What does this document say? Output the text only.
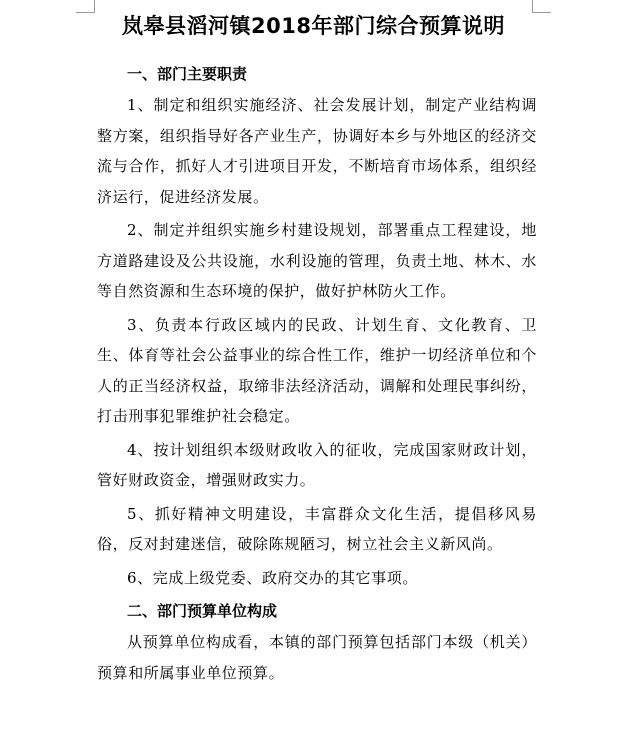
岚皋县滔河镇2018年部门综合预算说明
一、部门主要职责

1、制定和组织实施经济、社会发展计划，制定产业结构调整方案，组织指导好各产业生产，协调好本乡与外地区的经济交流与合作，抓好人才引进项目开发，不断培育市场体系，组织经济运行，促进经济发展。

2、制定并组织实施乡村建设规划，部署重点工程建设，地方道路建设及公共设施，水利设施的管理，负责土地、林木、水等自然资源和生态环境的保护，做好护林防火工作。

3、负责本行政区域内的民政、计划生育、文化教育、卫生、体育等社会公益事业的综合性工作，维护一切经济单位和个人的正当经济权益，取缔非法经济活动，调解和处理民事纠纷，打击刑事犯罪维护社会稳定。

4、按计划组织本级财政收入的征收，完成国家财政计划，管好财政资金，增强财政实力。

5、抓好精神文明建设，丰富群众文化生活，提倡移风易俗，反对封建迷信，破除陈规陋习，树立社会主义新风尚。

6、完成上级党委、政府交办的其它事项。

二、部门预算单位构成

从预算单位构成看，本镇的部门预算包括部门本级（机关）预算和所属事业单位预算。
